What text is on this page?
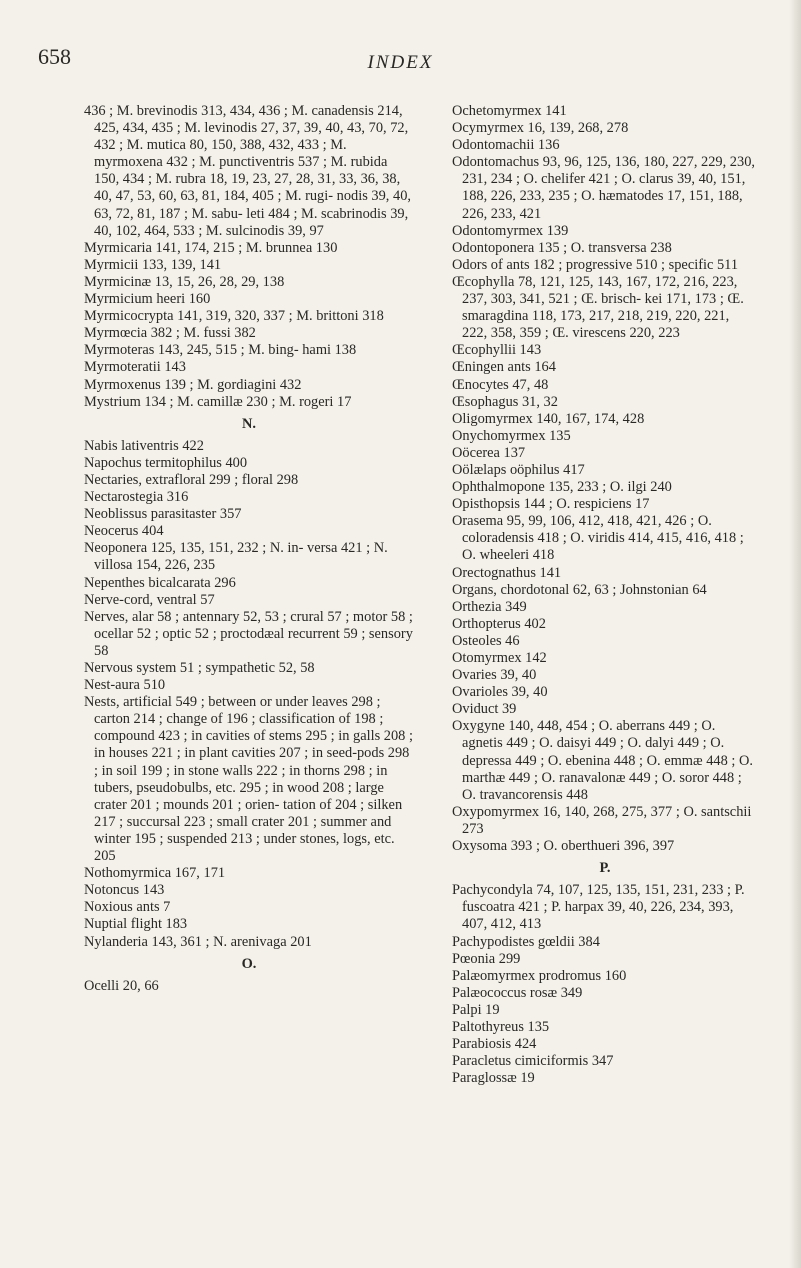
658	INDEX

436 ; M. brevinodis 313, 434, 436 ; M. canadensis 214, 425, 434, 435 ; M. levinodis 27, 37, 39, 40, 43, 70, 72, 432 ; M. mutica 80, 150, 388, 432, 433 ; M. myrmoxena 432 ; M. punctiventris 537 ; M. rubida 150, 434 ; M. rubra 18, 19, 23, 27, 28, 31, 33, 36, 38, 40, 47, 53, 60, 63, 81, 184, 405 ; M. rugi- nodis 39, 40, 63, 72, 81, 187 ; M. sabu- leti 484 ; M. scabrinodis 39, 40, 102, 464, 533 ; M. sulcinodis 39, 97

Myrmicaria 141, 174, 215 ; M. brunnea 130

Myrmicii 133, 139, 141

Myrmicinæ 13, 15, 26, 28, 29, 138

Myrmicium heeri 160

Myrmicocrypta 141, 319, 320, 337 ; M. brittoni 318

Myrmœcia 382 ; M. fussi 382

Myrmoteras 143, 245, 515 ; M. bing- hami 138

Myrmoteratii 143

Myrmoxenus 139 ; M. gordiagini 432

Mystrium 134 ; M. camillæ 230 ; M. rogeri 17

N.

Nabis lativentris 422

Napochus termitophilus 400

Nectaries, extrafloral 299 ; floral 298

Nectarostegia 316

Neoblissus parasitaster 357

Neocerus 404

Neoponera 125, 135, 151, 232 ; N. in- versa 421 ; N. villosa 154, 226, 235

Nepenthes bicalcarata 296

Nerve-cord, ventral 57

Nerves, alar 58 ; antennary 52, 53 ; crural 57 ; motor 58 ; ocellar 52 ; optic 52 ; proctodæal recurrent 59 ; sensory 58

Nervous system 51 ; sympathetic 52, 58

Nest-aura 510

Nests, artificial 549 ; between or under leaves 298 ; carton 214 ; change of 196 ; classification of 198 ; compound 423 ; in cavities of stems 295 ; in galls 208 ; in houses 221 ; in plant cavities 207 ; in seed-pods 298 ; in soil 199 ; in stone walls 222 ; in thorns 298 ; in tubers, pseudobulbs, etc. 295 ; in wood 208 ; large crater 201 ; mounds 201 ; orien- tation of 204 ; silken 217 ; succursal 223 ; small crater 201 ; summer and winter 195 ; suspended 213 ; under stones, logs, etc. 205

Nothomyrmica 167, 171

Notoncus 143

Noxious ants 7

Nuptial flight 183

Nylanderia 143, 361 ; N. arenivaga 201

O.

Ocelli 20, 66

Ochetomyrmex 141

Ocymyrmex 16, 139, 268, 278

Odontomachii 136

Odontomachus 93, 96, 125, 136, 180, 227, 229, 230, 231, 234 ; O. chelifer 421 ; O. clarus 39, 40, 151, 188, 226, 233, 235 ; O. hæmatodes 17, 151, 188, 226, 233, 421

Odontomyrmex 139

Odontoponera 135 ; O. transversa 238

Odors of ants 182 ; progressive 510 ; specific 511

Œcophylla 78, 121, 125, 143, 167, 172, 216, 223, 237, 303, 341, 521 ; Œ. brisch- kei 171, 173 ; Œ. smaragdina 118, 173, 217, 218, 219, 220, 221, 222, 358, 359 ; Œ. virescens 220, 223

Œcophyllii 143

Œningen ants 164

Œnocytes 47, 48

Œsophagus 31, 32

Oligomyrmex 140, 167, 174, 428

Onychomyrmex 135

Oöcerea 137

Oölælaps oöphilus 417

Ophthalmopone 135, 233 ; O. ilgi 240

Opisthopsis 144 ; O. respiciens 17

Orasema 95, 99, 106, 412, 418, 421, 426 ; O. coloradensis 418 ; O. viridis 414, 415, 416, 418 ; O. wheeleri 418

Orectognathus 141

Organs, chordotonal 62, 63 ; Johnstonian 64

Orthezia 349

Orthopterus 402

Osteoles 46

Otomyrmex 142

Ovaries 39, 40

Ovarioles 39, 40

Oviduct 39

Oxygyne 140, 448, 454 ; O. aberrans 449 ; O. agnetis 449 ; O. daisyi 449 ; O. dalyi 449 ; O. depressa 449 ; O. ebenina 448 ; O. emmæ 448 ; O. marthæ 449 ; O. ranavalonæ 449 ; O. soror 448 ; O. travancorensis 448

Oxypomyrmex 16, 140, 268, 275, 377 ; O. santschii 273

Oxysoma 393 ; O. oberthueri 396, 397

P.

Pachycondyla 74, 107, 125, 135, 151, 231, 233 ; P. fuscoatra 421 ; P. harpax 39, 40, 226, 234, 393, 407, 412, 413

Pachypodistes gœldii 384

Pœonia 299

Palæomyrmex prodromus 160

Palæococcus rosæ 349

Palpi 19

Paltothyreus 135

Parabiosis 424

Paracletus cimiciformis 347

Paraglossæ 19
